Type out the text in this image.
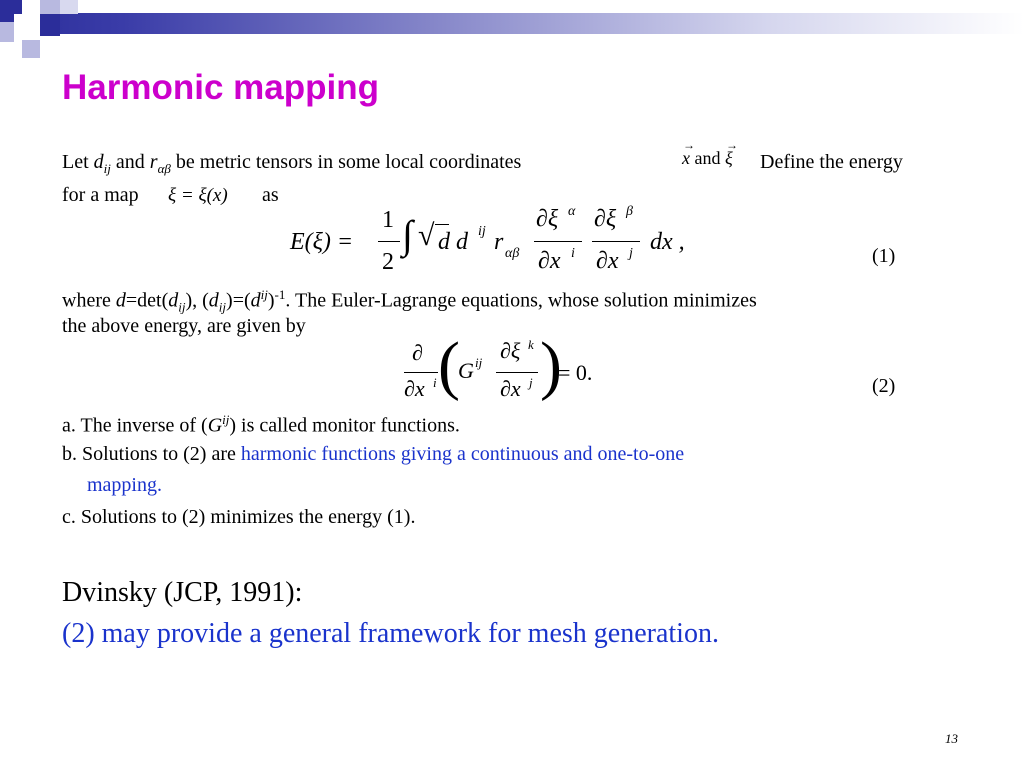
Harmonic mapping
Let $d_{ij}$ and $r_{\alpha\beta}$ be metric tensors in some local coordinates
→
x and
→
ξ Define the energy
for a map ξ = ξ(x) as
E(ξ) =
1
2
∫ √ d d ij r αβ
∂ξ α
∂x i
∂ξ β
∂x j dx ,
(1)
where $d=\det(d_{ij})$, $(d_{ij})=(d^{ij})^{-1}$. The Euler-Lagrange equations, whose solution minimizes
the above energy, are given by
∂
∂x i (
G ij ∂ξ k
∂x j )
= 0.
(2)
a. The inverse of $(G^{ij})$ is called monitor functions.
b. Solutions to (2) are harmonic functions giving a continuous and one-to-one
mapping.
c. Solutions to (2) minimizes the energy (1).
Dvinsky (JCP, 1991):
(2) may provide a general framework for mesh generation.
13
